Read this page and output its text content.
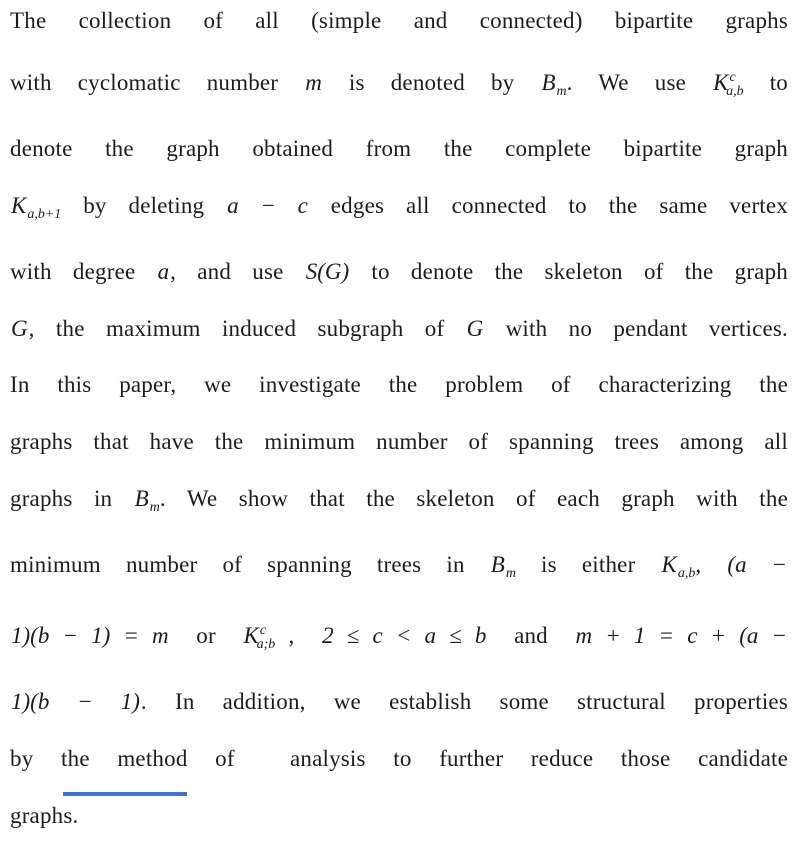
The collection of all (simple and connected) bipartite graphs
with cyclomatic number m is denoted by $B_m$. We use $K^c_{a,b}$ to
denote the graph obtained from the complete bipartite graph
$K_{a,b+1}$ by deleting a − c edges all connected to the same vertex
with degree a, and use S(G) to denote the skeleton of the graph
G, the maximum induced subgraph of G with no pendant vertices.
In this paper, we investigate the problem of characterizing the
graphs that have the minimum number of spanning trees among all
graphs in $B_m$. We show that the skeleton of each graph with the
minimum number of spanning trees in $B_m$ is either $K_{a,b}$, (a −
1)(b − 1) = m  or  $K^c_{a;b}$ ,  2 ≤ c < a ≤ b  and  m + 1 = c + (a −
1)(b − 1). In addition, we establish some structural properties
by the method of  analysis to further reduce those candidate
graphs.
